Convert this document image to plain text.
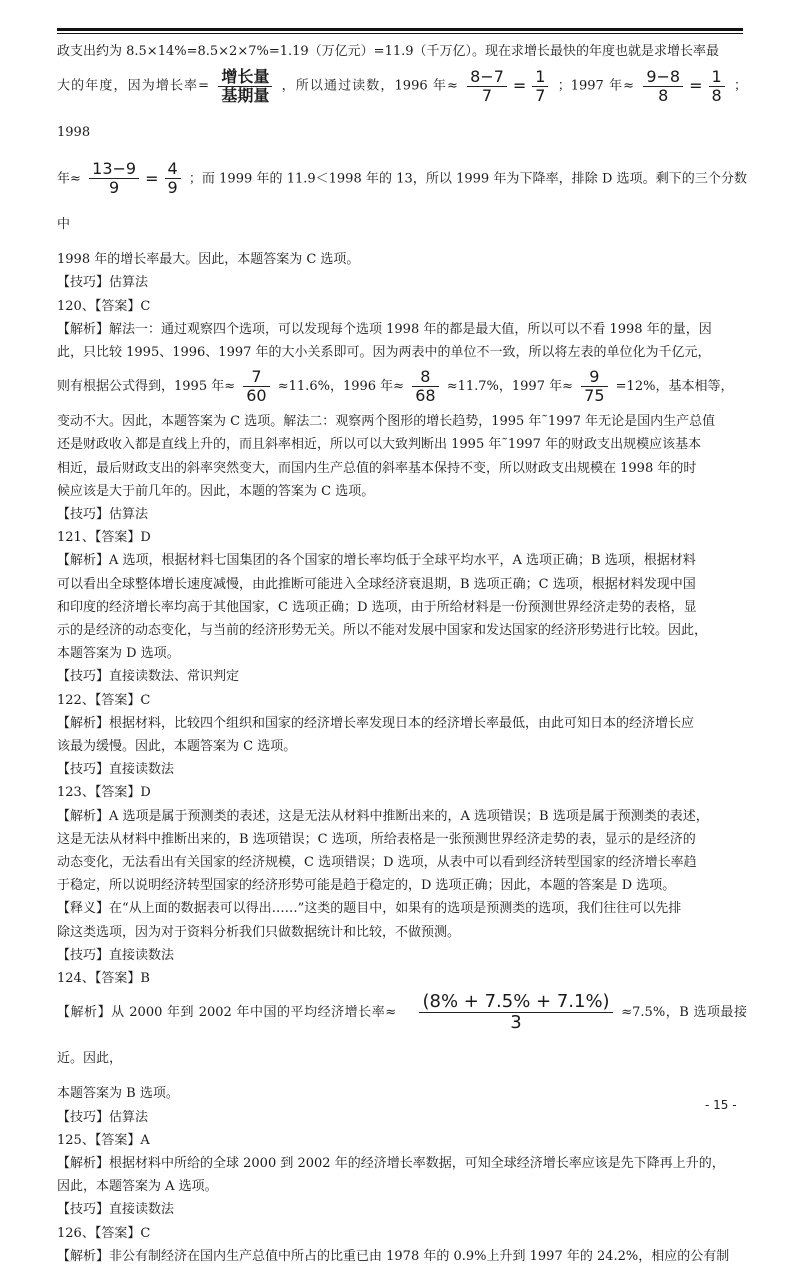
政支出约为 8.5×14%=8.5×2×7%=1.19（万亿元）=11.9（千万亿）。现在求增长最快的年度也就是求增长率最

大的年度，因为增长率= $\frac{\text{增长量}}{\text{基期量}}$ ，所以通过读数，1996 年≈ $\frac{8-7}{7} = \frac{1}{7}$ ；1997 年≈ $\frac{9-8}{8} = \frac{1}{8}$ ；1998

年≈ $\frac{13-9}{9} = \frac{4}{9}$ ；而 1999 年的 11.9＜1998 年的 13，所以 1999 年为下降率，排除 D 选项。剩下的三个分数中

1998 年的增长率最大。因此，本题答案为 C 选项。

【技巧】估算法

120、【答案】C

【解析】解法一：通过观察四个选项，可以发现每个选项 1998 年的都是最大值，所以可以不看 1998 年的量，因

此，只比较 1995、1996、1997 年的大小关系即可。因为两表中的单位不一致，所以将左表的单位化为千亿元，

则有根据公式得到，1995 年≈ $\frac{7}{60} \approx 11.6\%$，1996 年≈ $\frac{8}{68} \approx 11.7\%$，1997 年≈ $\frac{9}{75} =12\%$，基本相等，

变动不大。因此，本题答案为 C 选项。解法二：观察两个图形的增长趋势，1995 年˜1997 年无论是国内生产总值

还是财政收入都是直线上升的，而且斜率相近，所以可以大致判断出 1995 年˜1997 年的财政支出规模应该基本

相近，最后财政支出的斜率突然变大，而国内生产总值的斜率基本保持不变，所以财政支出规模在 1998 年的时

候应该是大于前几年的。因此，本题的答案为 C 选项。

【技巧】估算法

121、【答案】D

【解析】A 选项，根据材料七国集团的各个国家的增长率均低于全球平均水平，A 选项正确；B 选项，根据材料

可以看出全球整体增长速度减慢，由此推断可能进入全球经济衰退期，B 选项正确；C 选项，根据材料发现中国

和印度的经济增长率均高于其他国家，C 选项正确；D 选项，由于所给材料是一份预测世界经济走势的表格，显

示的是经济的动态变化，与当前的经济形势无关。所以不能对发展中国家和发达国家的经济形势进行比较。因此，

本题答案为 D 选项。

【技巧】直接读数法、常识判定

122、【答案】C

【解析】根据材料，比较四个组织和国家的经济增长率发现日本的经济增长率最低，由此可知日本的经济增长应

该最为缓慢。因此，本题答案为 C 选项。

【技巧】直接读数法

123、【答案】D

【解析】A 选项是属于预测类的表述，这是无法从材料中推断出来的，A 选项错误；B 选项是属于预测类的表述，

这是无法从材料中推断出来的，B 选项错误；C 选项，所给表格是一张预测世界经济走势的表，显示的是经济的

动态变化，无法看出有关国家的经济规模，C 选项错误；D 选项，从表中可以看到经济转型国家的经济增长率趋

于稳定，所以说明经济转型国家的经济形势可能是趋于稳定的，D 选项正确；因此，本题的答案是 D 选项。

【释义】在“从上面的数据表可以得出……”这类的题目中，如果有的选项是预测类的选项，我们往往可以先排

除这类选项，因为对于资料分析我们只做数据统计和比较，不做预测。

【技巧】直接读数法

124、【答案】B

【解析】从 2000 年到 2002 年中国的平均经济增长率≈ $\frac{(8\% + 7.5\% + 7.1\%)}{3} \approx 7.5\%$，B 选项最接近。因此，

本题答案为 B 选项。

【技巧】估算法

125、【答案】A

【解析】根据材料中所给的全球 2000 到 2002 年的经济增长率数据，可知全球经济增长率应该是先下降再上升的，

因此，本题答案为 A 选项。

【技巧】直接读数法

126、【答案】C

【解析】非公有制经济在国内生产总值中所占的比重已由 1978 年的 0.9%上升到 1997 年的 24.2%，相应的公有制

- 15 -
